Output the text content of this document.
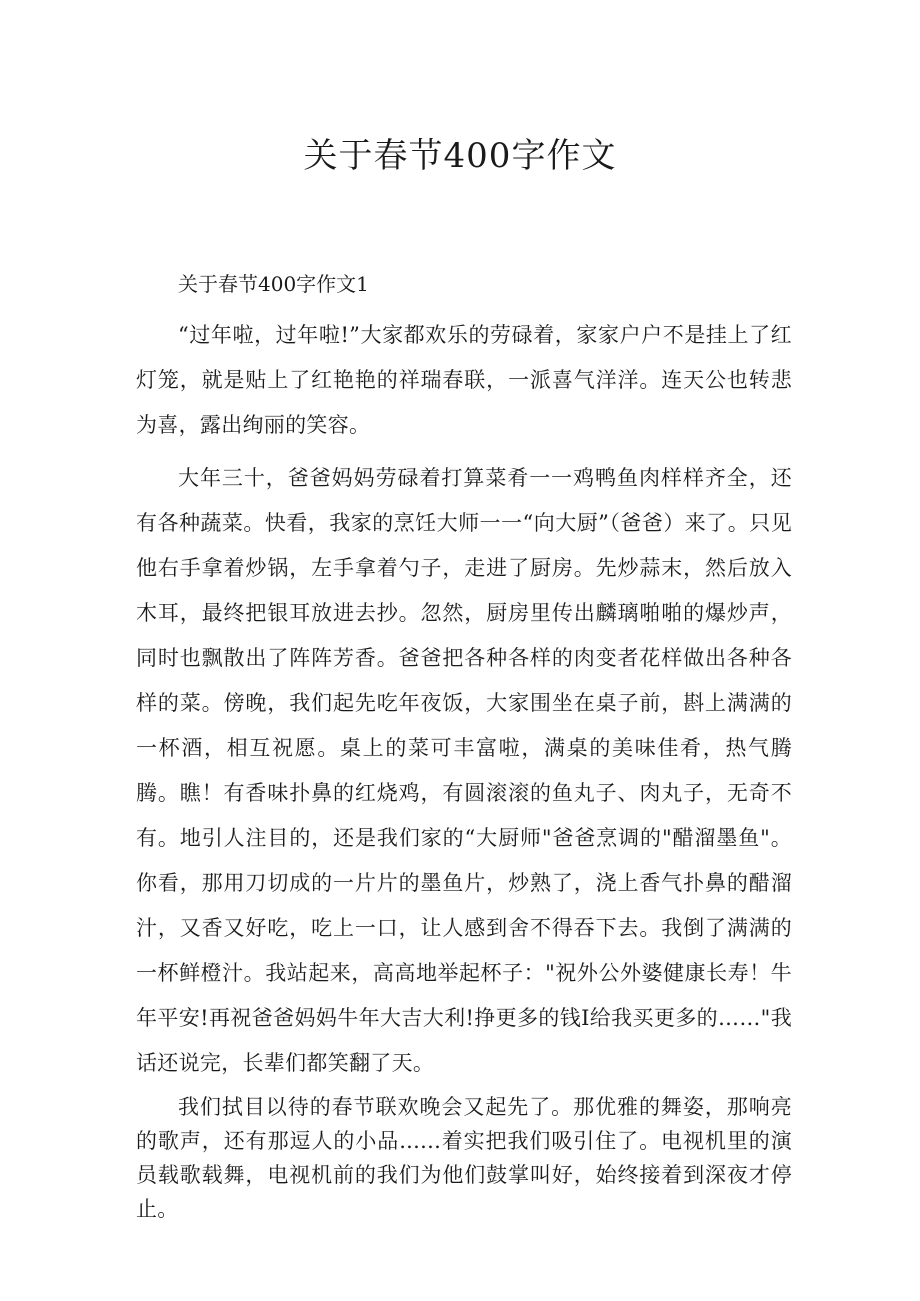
关于春节400字作文
关于春节400字作文1

“过年啦，过年啦!”大家都欢乐的劳碌着，家家户户不是挂上了红灯笼，就是贴上了红艳艳的祥瑞春联，一派喜气洋洋。连天公也转悲为喜，露出绚丽的笑容。

大年三十，爸爸妈妈劳碌着打算菜肴一一鸡鸭鱼肉样样齐全，还有各种蔬菜。快看，我家的烹饪大师一一“向大厨”（爸爸）来了。只见他右手拿着炒锅，左手拿着勺子，走进了厨房。先炒蒜末，然后放入木耳，最终把银耳放进去抄。忽然，厨房里传出麟璃啪啪的爆炒声，同时也飘散出了阵阵芳香。爸爸把各种各样的肉变者花样做出各种各样的菜。傍晚，我们起先吃年夜饭，大家围坐在桌子前，斟上满满的一杯酒，相互祝愿。桌上的菜可丰富啦，满桌的美味佳肴，热气腾腾。瞧！有香味扑鼻的红烧鸡，有圆滚滚的鱼丸子、肉丸子，无奇不有。地引人注目的，还是我们家的“大厨师"爸爸烹调的"醋溜墨鱼"。你看，那用刀切成的一片片的墨鱼片，炒熟了，浇上香气扑鼻的醋溜汁，又香又好吃，吃上一口，让人感到舍不得吞下去。我倒了满满的一杯鲜橙汁。我站起来，高高地举起杯子："祝外公外婆健康长寿！牛年平安!再祝爸爸妈妈牛年大吉大利!挣更多的钱I给我买更多的……"我话还说完，长辈们都笑翻了天。

我们拭目以待的春节联欢晚会又起先了。那优雅的舞姿，那响亮的歌声，还有那逗人的小品......着实把我们吸引住了。电视机里的演员载歌载舞，电视机前的我们为他们鼓掌叫好，始终接着到深夜才停止。
